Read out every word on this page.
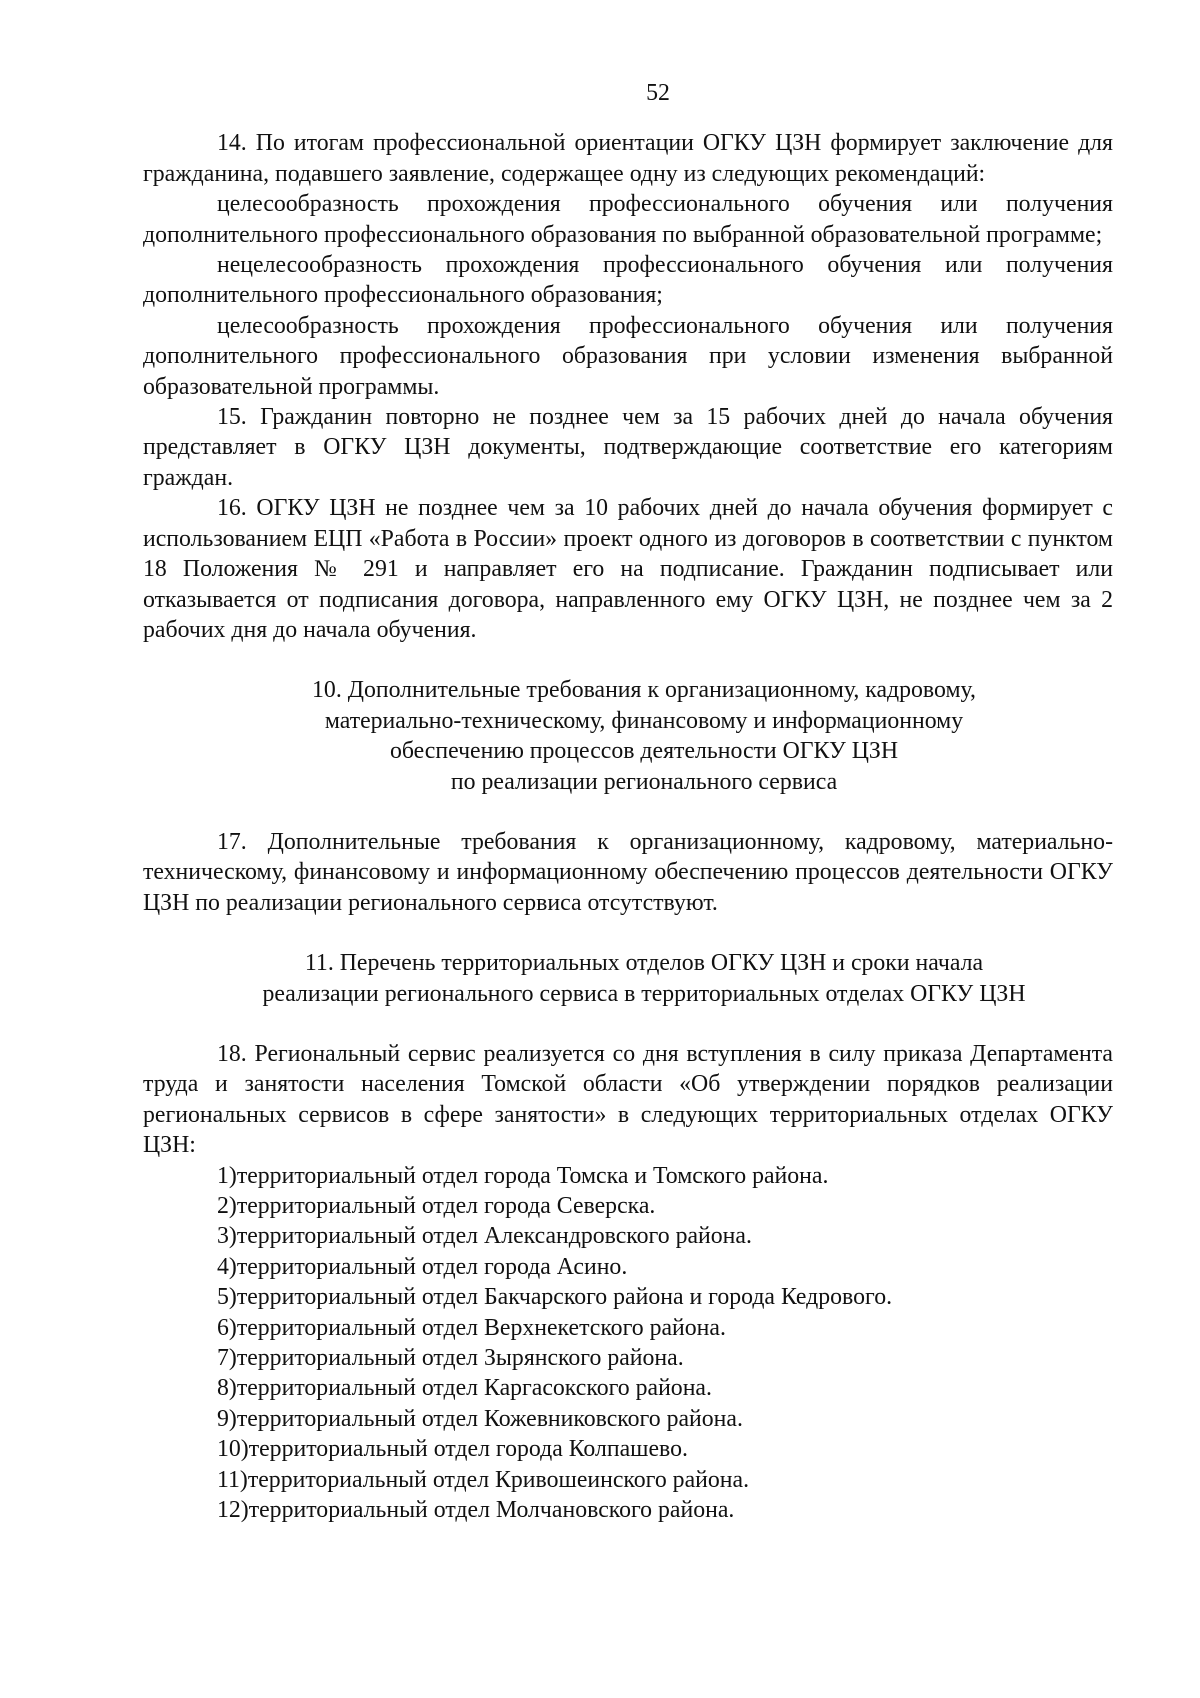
52

14. По итогам профессиональной ориентации ОГКУ ЦЗН формирует заключение для гражданина, подавшего заявление, содержащее одну из следующих рекомендаций:

целесообразность прохождения профессионального обучения или получения дополнительного профессионального образования по выбранной образовательной программе;

нецелесообразность прохождения профессионального обучения или получения дополнительного профессионального образования;

целесообразность прохождения профессионального обучения или получения дополнительного профессионального образования при условии изменения выбранной образовательной программы.

15. Гражданин повторно не позднее чем за 15 рабочих дней до начала обучения представляет в ОГКУ ЦЗН документы, подтверждающие соответствие его категориям граждан.

16. ОГКУ ЦЗН не позднее чем за 10 рабочих дней до начала обучения формирует с использованием ЕЦП «Работа в России» проект одного из договоров в соответствии с пунктом 18 Положения № 291 и направляет его на подписание. Гражданин подписывает или отказывается от подписания договора, направленного ему ОГКУ ЦЗН, не позднее чем за 2 рабочих дня до начала обучения.

10. Дополнительные требования к организационному, кадровому,
материально-техническому, финансовому и информационному
обеспечению процессов деятельности ОГКУ ЦЗН
по реализации регионального сервиса

17. Дополнительные требования к организационному, кадровому, материально-техническому, финансовому и информационному обеспечению процессов деятельности ОГКУ ЦЗН по реализации регионального сервиса отсутствуют.

11. Перечень территориальных отделов ОГКУ ЦЗН и сроки начала
реализации регионального сервиса в территориальных отделах ОГКУ ЦЗН

18. Региональный сервис реализуется со дня вступления в силу приказа Департамента труда и занятости населения Томской области «Об утверждении порядков реализации региональных сервисов в сфере занятости» в следующих территориальных отделах ОГКУ ЦЗН:

1)территориальный отдел города Томска и Томского района.
2)территориальный отдел города Северска.
3)территориальный отдел Александровского района.
4)территориальный отдел города Асино.
5)территориальный отдел Бакчарского района и города Кедрового.
6)территориальный отдел Верхнекетского района.
7)территориальный отдел Зырянского района.
8)территориальный отдел Каргасокского района.
9)территориальный отдел Кожевниковского района.
10)территориальный отдел города Колпашево.
11)территориальный отдел Кривошеинского района.
12)территориальный отдел Молчановского района.
